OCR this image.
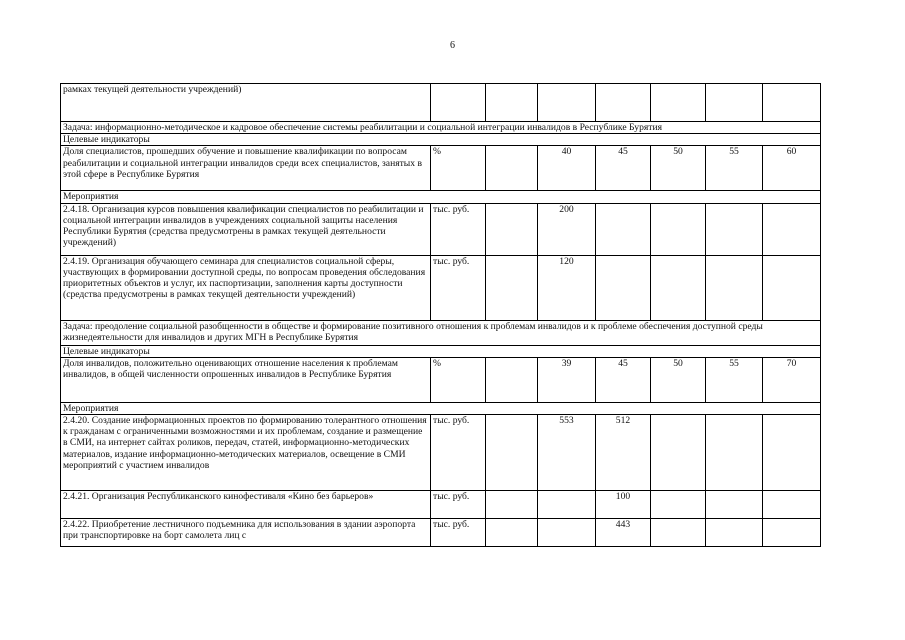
6
рамках текущей деятельности учреждений)							
Задача: информационно-методическое и кадровое обеспечение системы реабилитации и социальной интеграции инвалидов в Республике Бурятия							
Целевые индикаторы							
Доля специалистов, прошедших обучение и повышение квалификации по вопросам реабилитации и социальной интеграции инвалидов среди всех специалистов, занятых в этой сфере в Республике Бурятия	%		40	45	50	55	60
Мероприятия							
2.4.18. Организация курсов повышения квалификации специалистов по реабилитации и социальной интеграции инвалидов в учреждениях социальной защиты населения Республики Бурятия (средства предусмотрены в рамках текущей деятельности учреждений)	тыс. руб.		200				
2.4.19. Организация обучающего семинара для специалистов социальной сферы, участвующих в формировании доступной среды, по вопросам проведения обследования приоритетных объектов и услуг, их паспортизации, заполнения карты доступности (средства предусмотрены в рамках текущей деятельности учреждений)	тыс. руб.		120				
Задача: преодоление социальной разобщенности в обществе и формирование позитивного отношения к проблемам инвалидов и к проблеме обеспечения доступной среды жизнедеятельности для инвалидов и других МГН в Республике Бурятия							
Целевые индикаторы							
Доля инвалидов, положительно оценивающих отношение населения к проблемам инвалидов, в общей численности опрошенных инвалидов в Республике Бурятия	%		39	45	50	55	70
Мероприятия							
2.4.20. Создание информационных проектов по формированию толерантного отношения к гражданам с ограниченными возможностями и их проблемам, создание и размещение в СМИ, на интернет сайтах роликов, передач, статей, информационно-методических материалов, издание информационно-методических материалов, освещение в СМИ мероприятий с участием инвалидов	тыс. руб.		553	512			
2.4.21. Организация Республиканского кинофестиваля «Кино без барьеров»	тыс. руб.			100			
2.4.22. Приобретение лестничного подъемника для использования в здании аэропорта при транспортировке на борт самолета лиц с	тыс. руб.			443			
